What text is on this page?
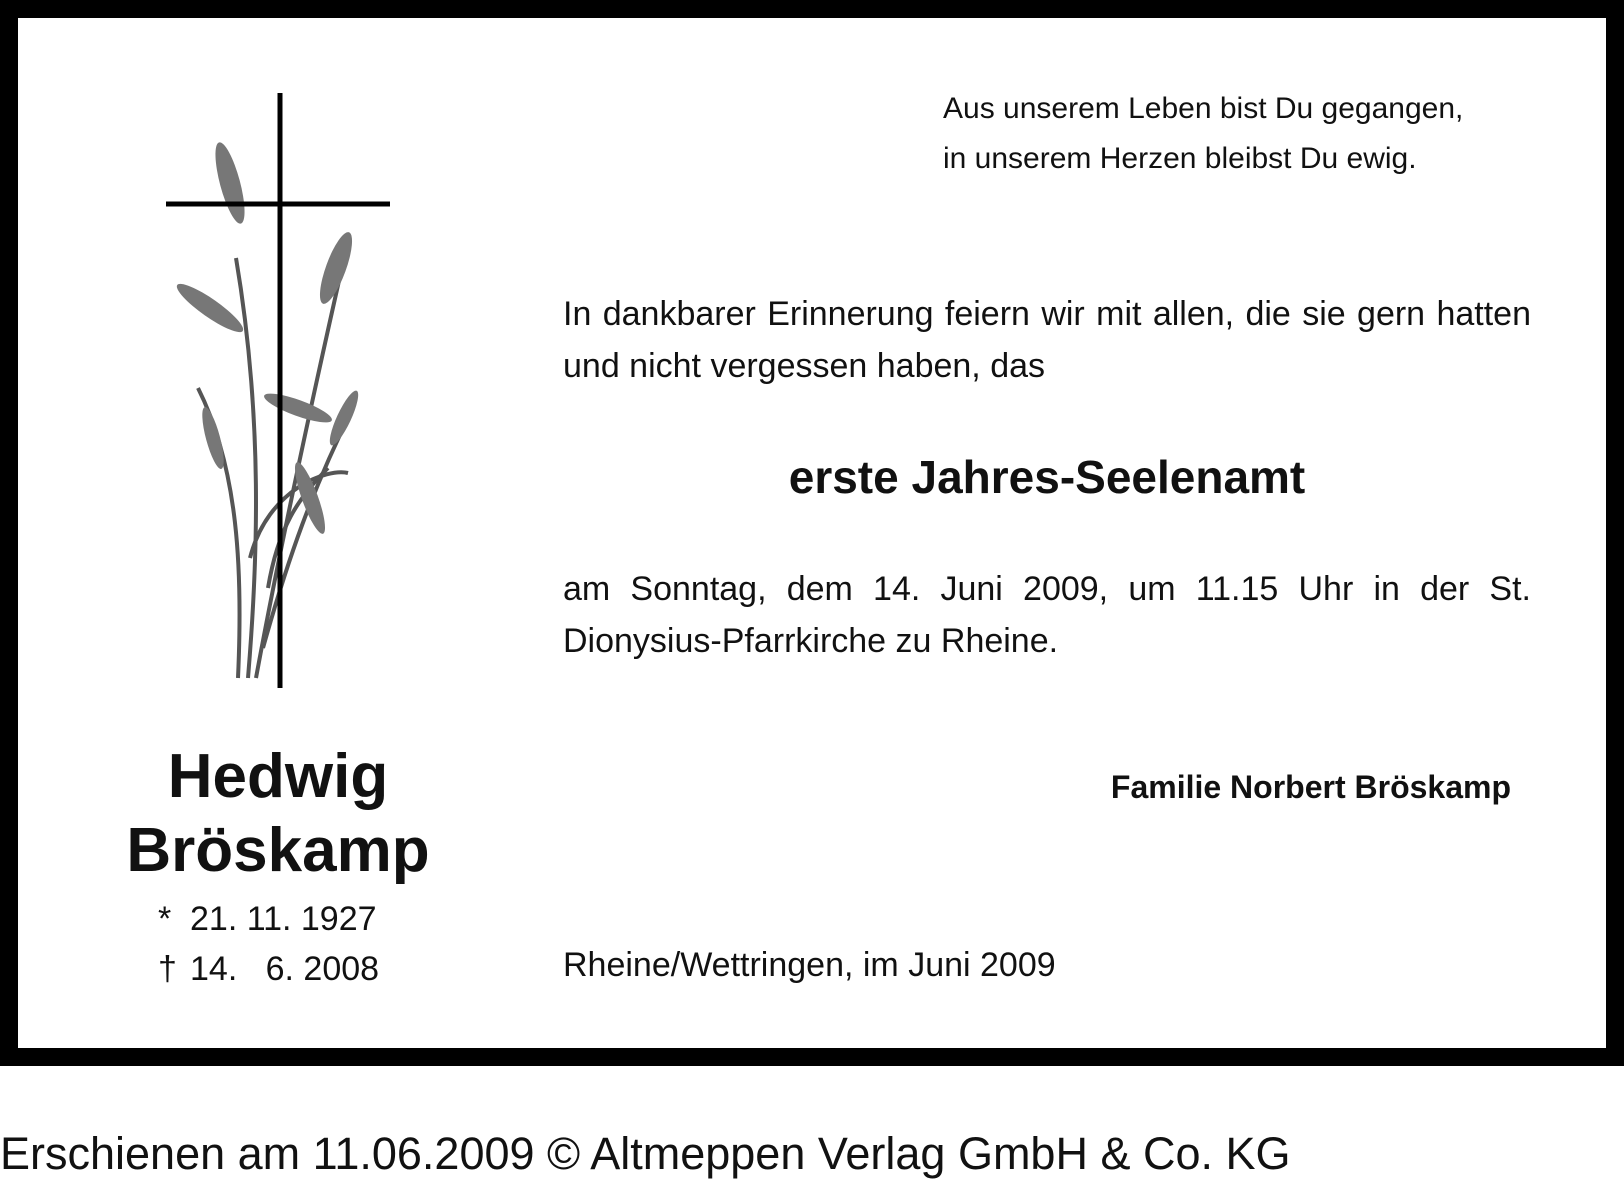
Aus unserem Leben bist Du gegangen,

in unserem Herzen bleibst Du ewig.

In dankbarer Erinnerung feiern wir mit allen, die sie gern hatten und nicht vergessen haben, das

erste Jahres-Seelenamt

am Sonntag, dem 14. Juni 2009, um 11.15 Uhr in der St. Dionysius-Pfarrkirche zu Rheine.

Familie Norbert Bröskamp

Rheine/Wettringen, im Juni 2009

Hedwig

Bröskamp

* 21. 11. 1927

† 14.   6. 2008

Erschienen am 11.06.2009 © Altmeppen Verlag GmbH & Co. KG
